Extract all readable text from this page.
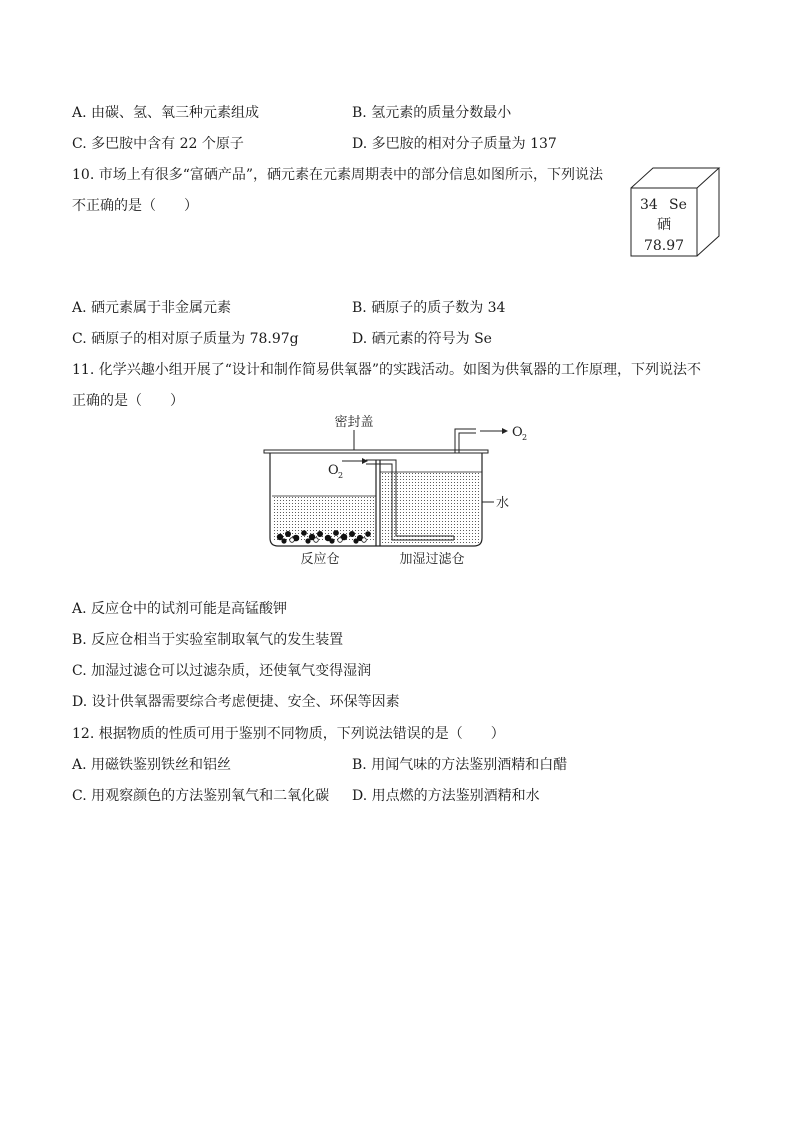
A. 由碳、氢、氧三种元素组成	B. 氢元素的质量分数最小
C. 多巴胺中含有 22 个原子	D. 多巴胺的相对分子质量为 137
10. 市场上有很多“富硒产品”，硒元素在元素周期表中的部分信息如图所示，下列说法
不正确的是（　　）	34 Se
硒
78.97
A. 硒元素属于非金属元素	B. 硒原子的质子数为 34
C. 硒原子的相对原子质量为 78.97g	D. 硒元素的符号为 Se
11. 化学兴趣小组开展了“设计和制作简易供氧器”的实践活动。如图为供氧器的工作原理，下列说法不
正确的是（　　）
密封盖
O 2
O 2
水
反应仓	加湿过滤仓
A. 反应仓中的试剂可能是高锰酸钾
B. 反应仓相当于实验室制取氧气的发生装置
C. 加湿过滤仓可以过滤杂质，还使氧气变得湿润
D. 设计供氧器需要综合考虑便捷、安全、环保等因素
12. 根据物质的性质可用于鉴别不同物质，下列说法错误的是（　　）
A. 用磁铁鉴别铁丝和铝丝	B. 用闻气味的方法鉴别酒精和白醋
C. 用观察颜色的方法鉴别氧气和二氧化碳 D. 用点燃的方法鉴别酒精和水
